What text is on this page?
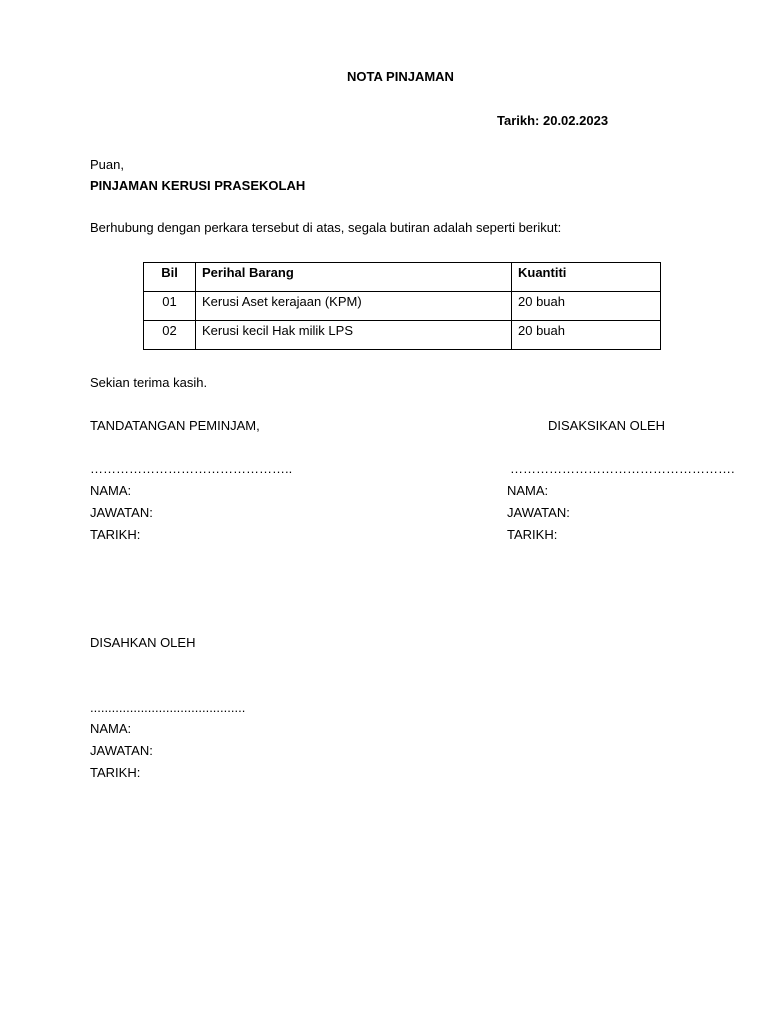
NOTA PINJAMAN
Tarikh: 20.02.2023
Puan,
PINJAMAN KERUSI PRASEKOLAH
Berhubung dengan perkara tersebut di atas, segala butiran adalah seperti berikut:
Bil	Perihal Barang	Kuantiti
01	Kerusi Aset kerajaan (KPM)	20 buah
02	Kerusi kecil Hak milik LPS	20 buah
Sekian terima kasih.
TANDATANGAN PEMINJAM,	DISAKSIKAN OLEH
………………………………………..	…………………………………………….
NAMA:
JAWATAN:
TARIKH:
NAMA:
JAWATAN:
TARIKH:
DISAHKAN OLEH
...........................................
NAMA:
JAWATAN:
TARIKH:
